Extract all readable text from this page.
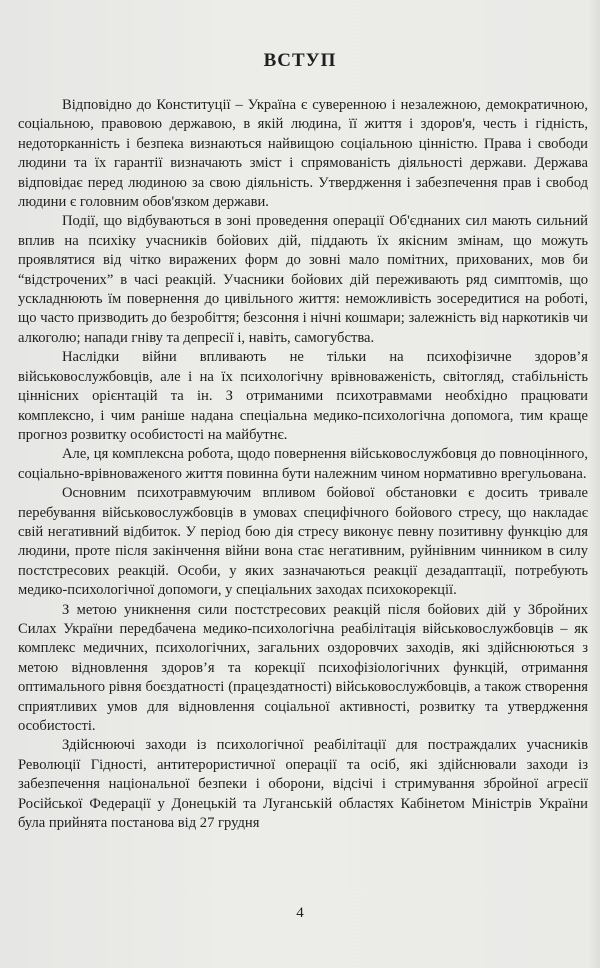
ВСТУП

Відповідно до Конституції – Україна є суверенною і незалежною, демократичною, соціальною, правовою державою, в якій людина, її життя і здоров'я, честь і гідність, недоторканність і безпека визнаються найвищою соціальною цінністю. Права і свободи людини та їх гарантії визначають зміст і спрямованість діяльності держави. Держава відповідає перед людиною за свою діяльність. Утвердження і забезпечення прав і свобод людини є головним обов'язком держави.

Події, що відбуваються в зоні проведення операції Об'єднаних сил мають сильний вплив на психіку учасників бойових дій, піддають їх якісним змінам, що можуть проявлятися від чітко виражених форм до зовні мало помітних, прихованих, мов би “відстрочених” в часі реакцій. Учасники бойових дій переживають ряд симптомів, що ускладнюють їм повернення до цивільного життя: неможливість зосередитися на роботі, що часто призводить до безробіття; безсоння і нічні кошмари; залежність від наркотиків чи алкоголю; напади гніву та депресії і, навіть, самогубства.

Наслідки війни впливають не тільки на психофізичне здоров’я військовослужбовців, але і на їх психологічну врівноваженість, світогляд, стабільність ціннісних орієнтацій та ін. З отриманими психотравмами необхідно працювати комплексно, і чим раніше надана спеціальна медико-психологічна допомога, тим краще прогноз розвитку особистості на майбутнє.

Але, ця комплексна робота, щодо повернення військовослужбовця до повноцінного, соціально-врівноваженого життя повинна бути належним чином нормативно врегульована.

Основним психотравмуючим впливом бойової обстановки є досить тривале перебування військовослужбовців в умовах специфічного бойового стресу, що накладає свій негативний відбиток. У період бою дія стресу виконує певну позитивну функцію для людини, проте після закінчення війни вона стає негативним, руйнівним чинником в силу постстресових реакцій. Особи, у яких зазначаються реакції дезадаптації, потребують медико-психологічної допомоги, у спеціальних заходах психокорекції.

З метою уникнення сили постстресових реакцій після бойових дій у Збройних Силах України передбачена медико-психологічна реабілітація військовослужбовців – як комплекс медичних, психологічних, загальних оздоровчих заходів, які здійснюються з метою відновлення здоров’я та корекції психофізіологічних функцій, отримання оптимального рівня боєздатності (працездатності) військовослужбовців, а також створення сприятливих умов для відновлення соціальної активності, розвитку та утвердження особистості.

Здійснюючі заходи із психологічної реабілітації для постраждалих учасників Революції Гідності, антитерористичної операції та осіб, які здійснювали заходи із забезпечення національної безпеки і оборони, відсічі і стримування збройної агресії Російської Федерації у Донецькій та Луганській областях Кабінетом Міністрів України була прийнята постанова від 27 грудня

4
